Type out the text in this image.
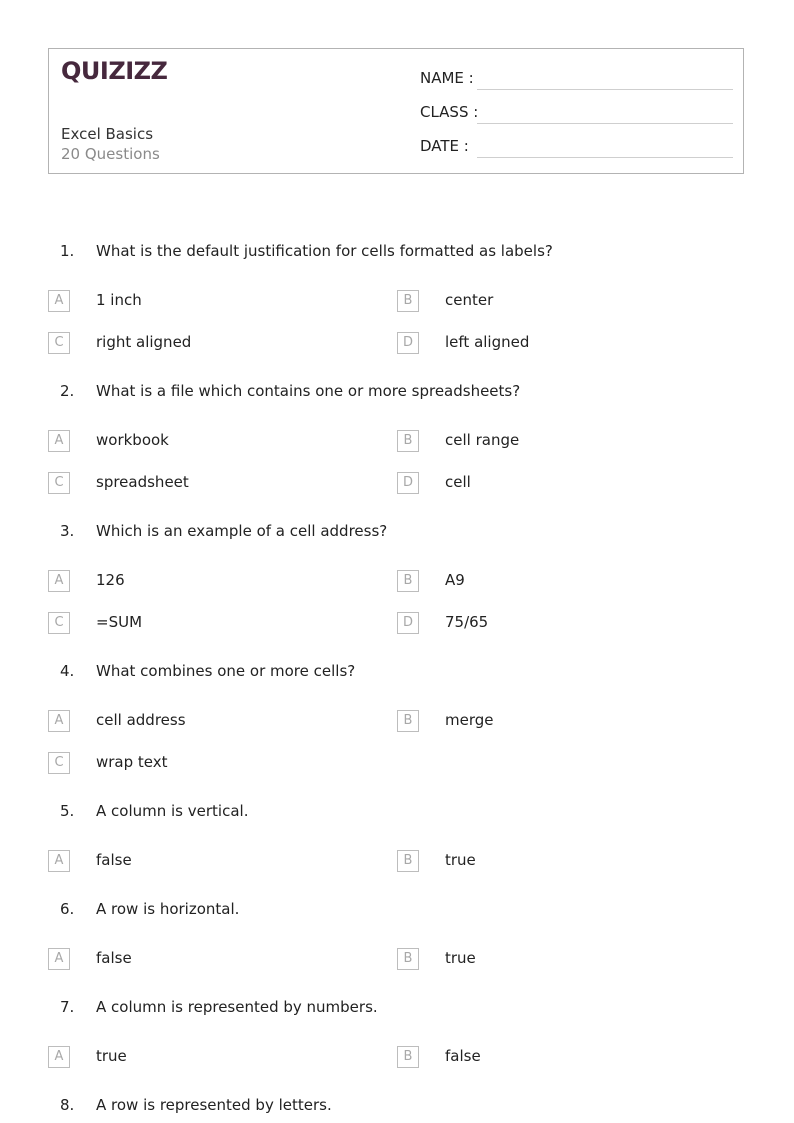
QUIZIZZ
Excel Basics
20 Questions
NAME :
CLASS :
DATE :
1. What is the default justification for cells formatted as labels?
A	1 inch	B	center
C	right aligned	D	left aligned
2. What is a file which contains one or more spreadsheets?
A	workbook	B	cell range
C	spreadsheet	D	cell
3. Which is an example of a cell address?
A	126	B	A9
C	=SUM	D	75/65
4. What combines one or more cells?
A	cell address	B	merge
C	wrap text
5. A column is vertical.
A	false	B	true
6. A row is horizontal.
A	false	B	true
7. A column is represented by numbers.
A	true	B	false
8. A row is represented by letters.
